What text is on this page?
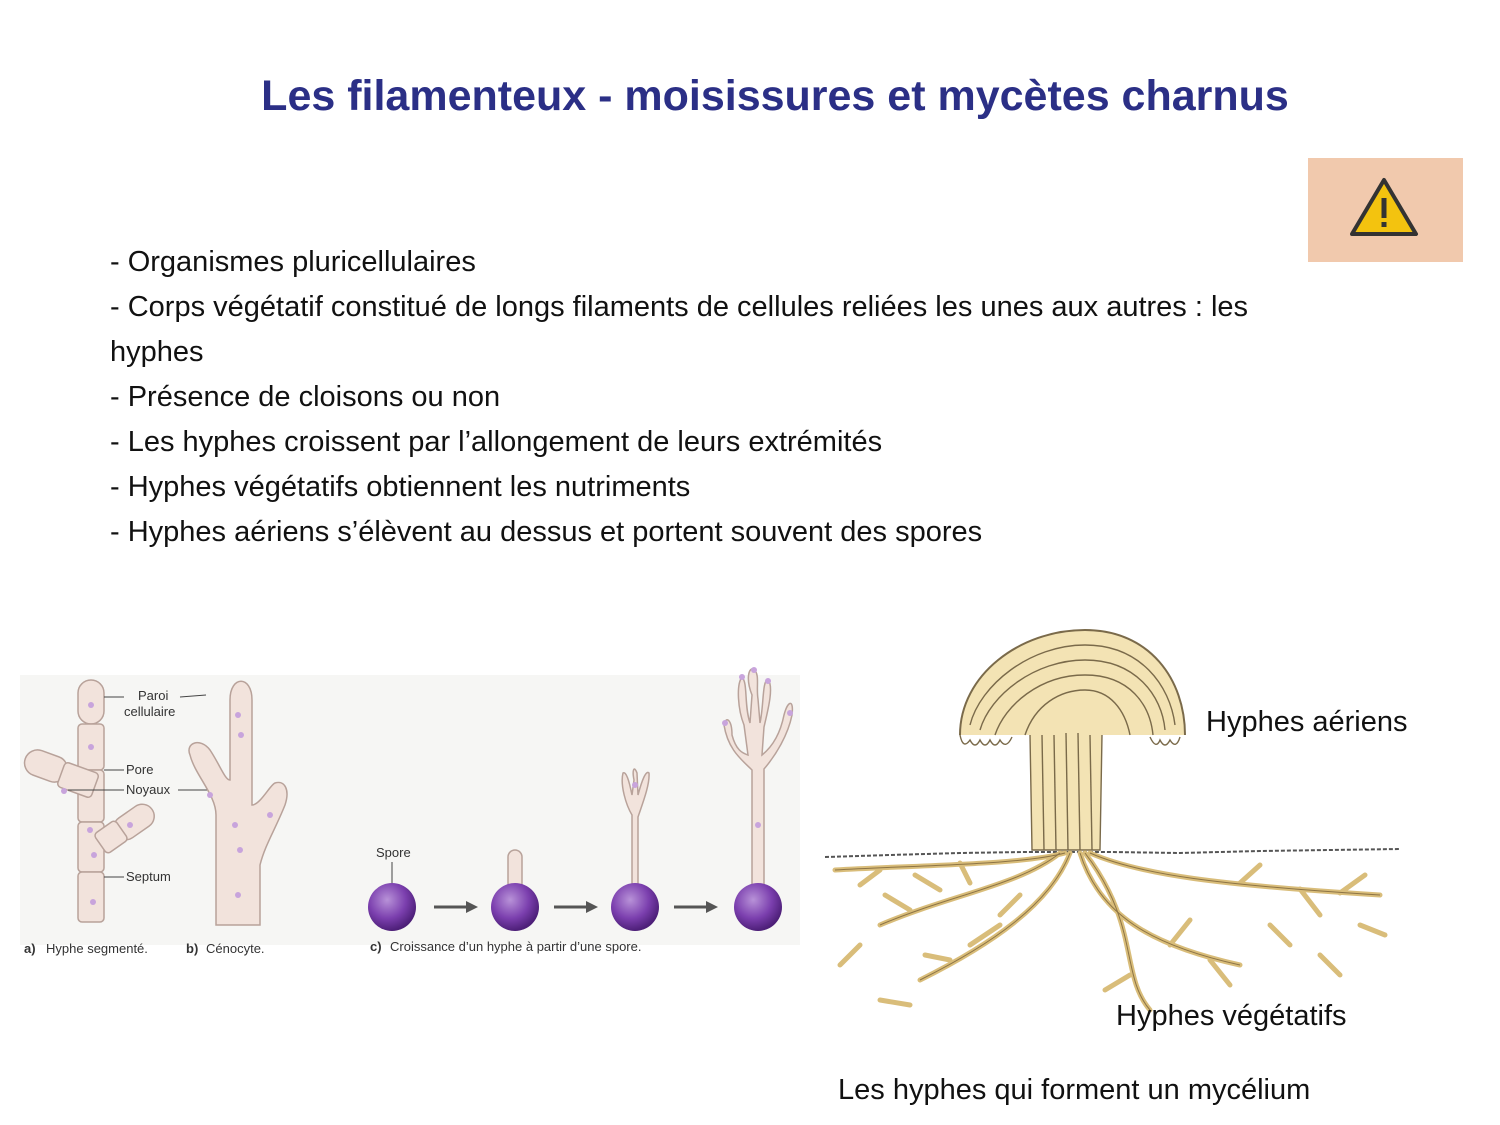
Les filamenteux - moisissures et mycètes charnus
- Organismes pluricellulaires
- Corps végétatif constitué de longs filaments de cellules reliées les unes aux autres : les hyphes
- Présence de cloisons ou non
- Les hyphes croissent par l’allongement de leurs extrémités
- Hyphes végétatifs obtiennent les nutriments
- Hyphes aériens s’élèvent au dessus et portent souvent des spores
Paroi
cellulaire
Pore
Noyaux
Septum
a) Hyphe segmenté.	b) Cénocyte.
Spore
c) Croissance d’un hyphe à partir d’une spore.
Hyphes aériens
Hyphes végétatifs
Les hyphes qui forment un mycélium
